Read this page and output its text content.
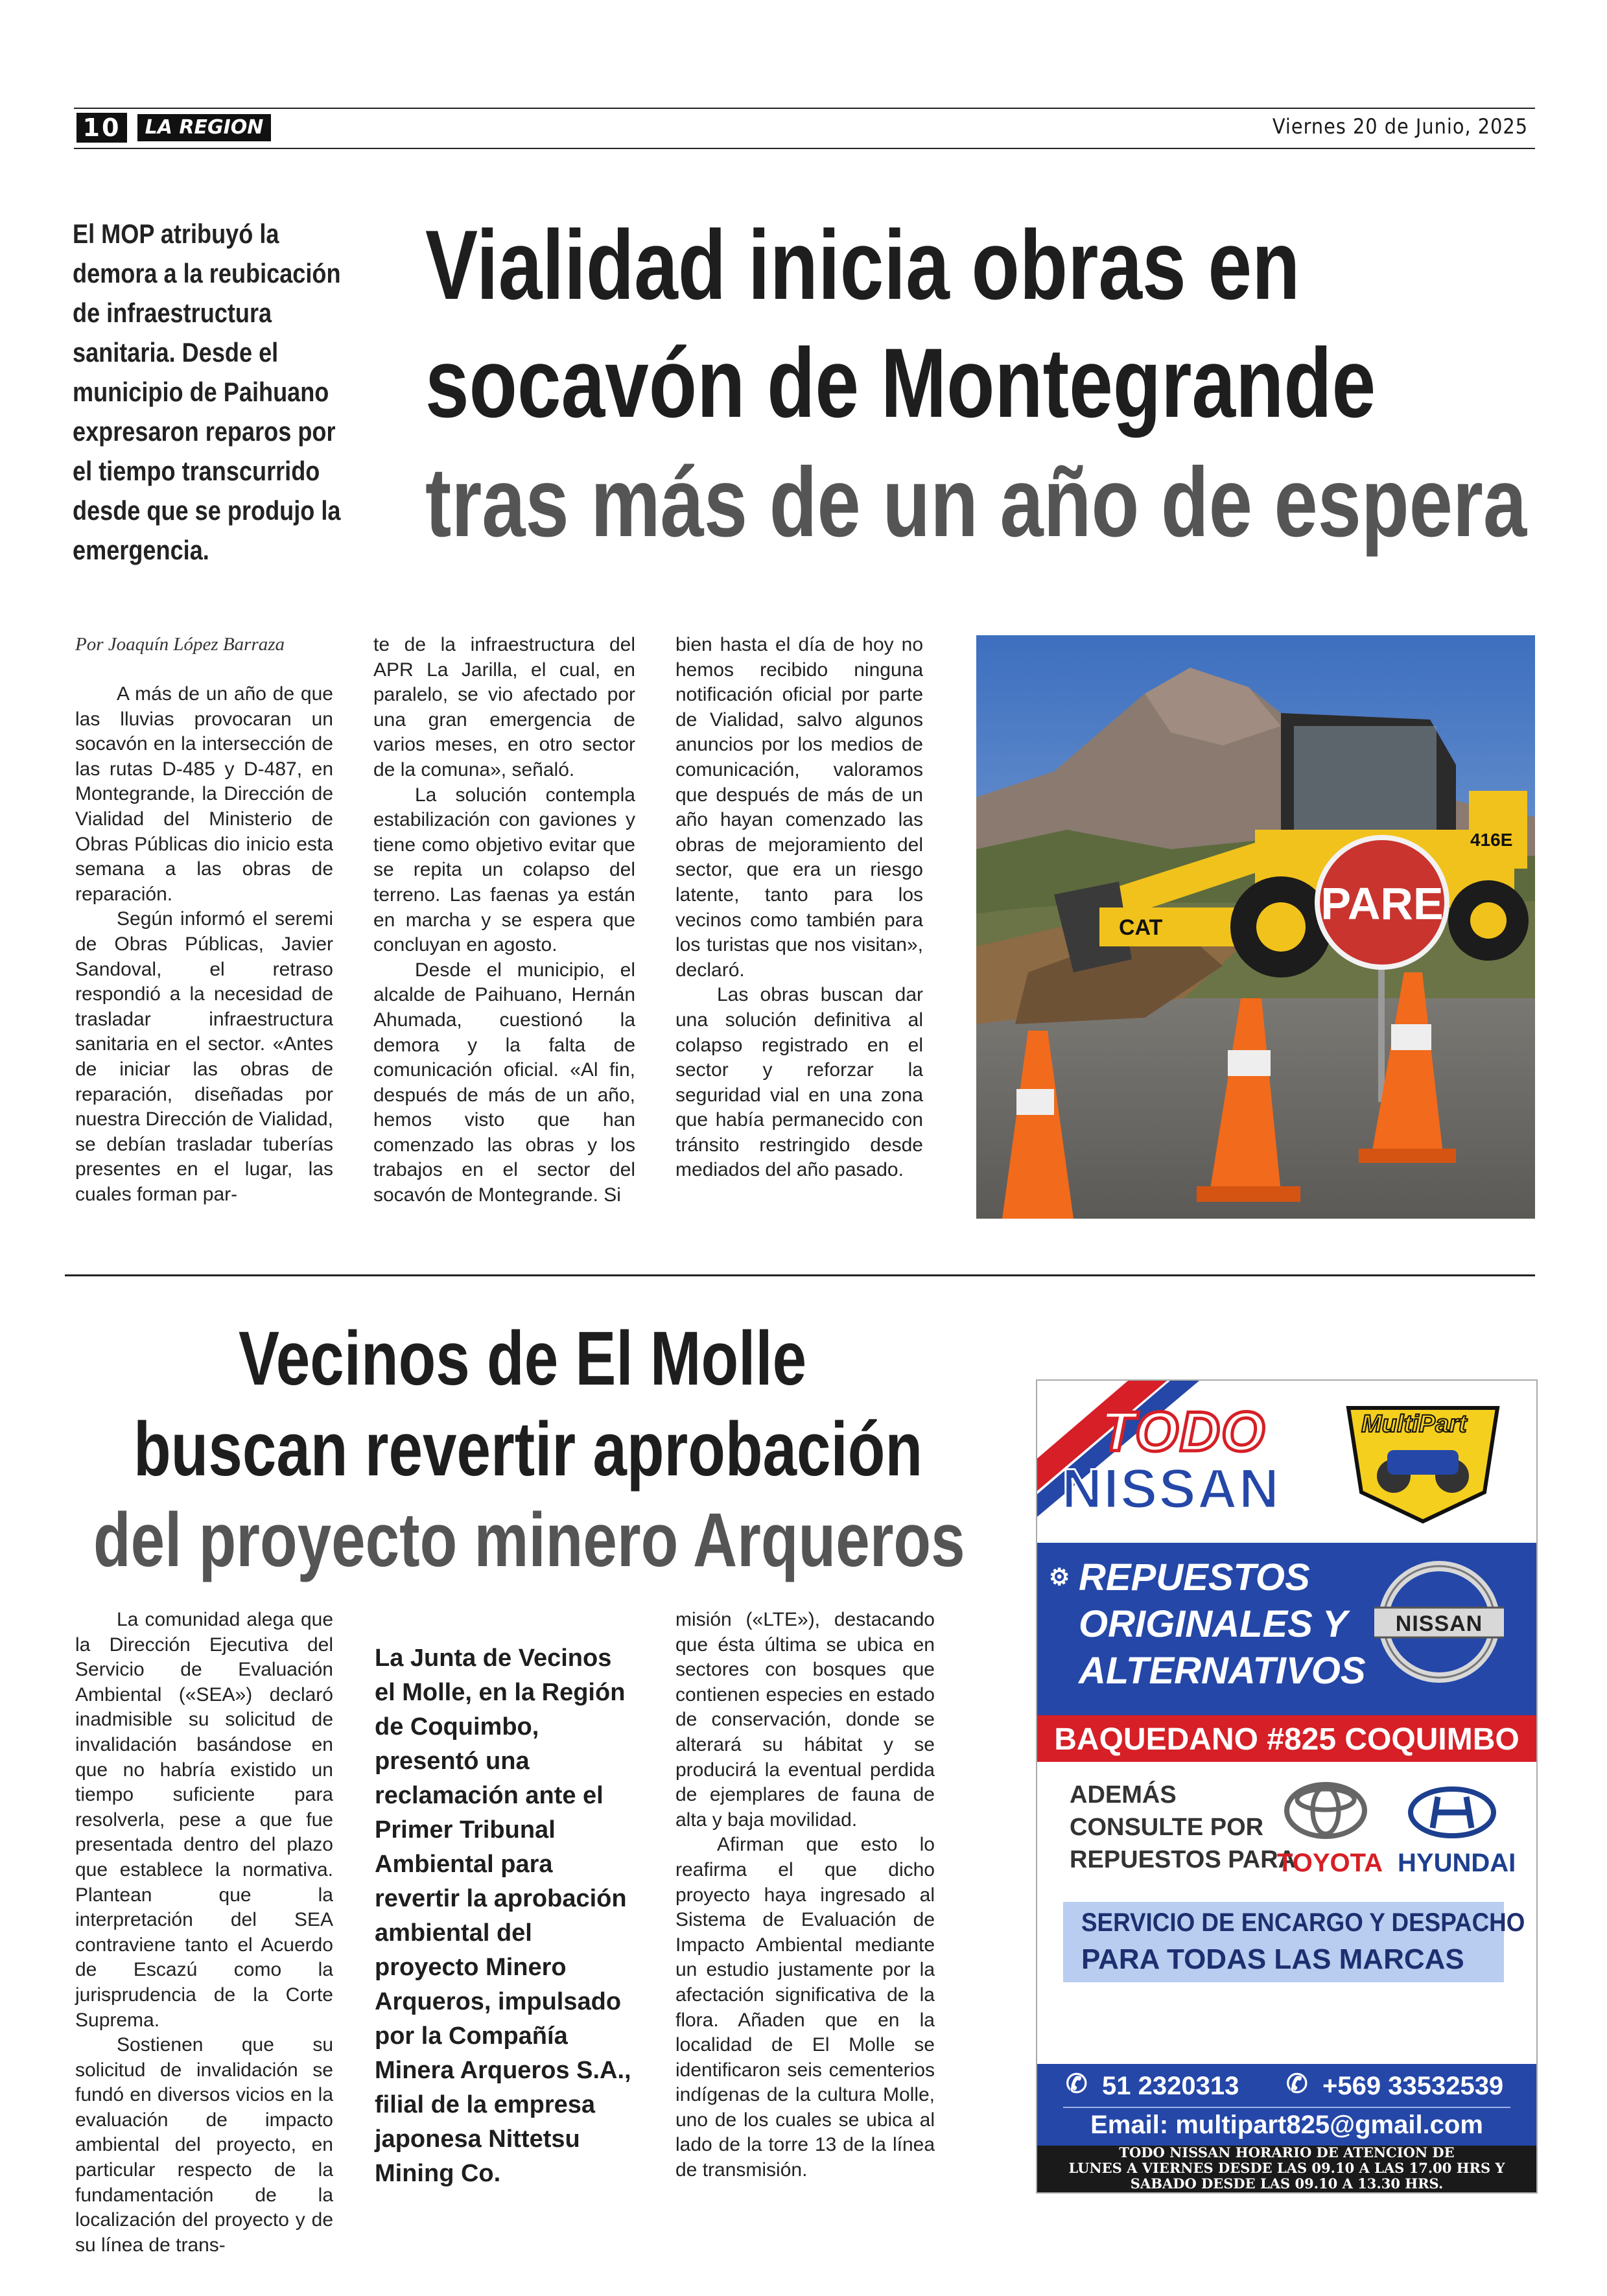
10	LA REGION	Viernes 20 de Junio, 2025
El MOP atribuyó la demora a la reubicación de infraestructura sanitaria. Desde el municipio de Paihuano expresaron reparos por el tiempo transcurrido desde que se produjo la emergencia.
Vialidad inicia obras en
socavón de Montegrande
tras más de un año de espera
Por Joaquín López Barraza

A más de un año de que las lluvias provocaran un socavón en la intersección de las rutas D-485 y D-487, en Montegrande, la Dirección de Vialidad del Ministerio de Obras Públicas dio inicio esta semana a las obras de reparación.

Según informó el seremi de Obras Públicas, Javier Sandoval, el retraso respondió a la necesidad de trasladar infraestructura sanitaria en el sector. «Antes de iniciar las obras de reparación, diseñadas por nuestra Dirección de Vialidad, se debían trasladar tuberías presentes en el lugar, las cuales forman par-

te de la infraestructura del APR La Jarilla, el cual, en paralelo, se vio afectado por una gran emergencia de varios meses, en otro sector de la comuna», señaló.

La solución contempla estabilización con gaviones y tiene como objetivo evitar que se repita un colapso del terreno. Las faenas ya están en marcha y se espera que concluyan en agosto.

Desde el municipio, el alcalde de Paihuano, Hernán Ahumada, cuestionó la demora y la falta de comunicación oficial. «Al fin, después de más de un año, hemos visto que han comenzado las obras y los trabajos en el sector del socavón de Montegrande. Si

bien hasta el día de hoy no hemos recibido ninguna notificación oficial por parte de Vialidad, salvo algunos anuncios por los medios de comunicación, valoramos que después de más de un año hayan comenzado las obras de mejoramiento del sector, que era un riesgo latente, tanto para los vecinos como también para los turistas que nos visitan», declaró.

Las obras buscan dar una solución definitiva al colapso registrado en el sector y reforzar la seguridad vial en una zona que había permanecido con tránsito restringido desde mediados del año pasado.

CAT
416E
PARE
Vecinos de El Molle
buscan revertir aprobación
del proyecto minero Arqueros

La comunidad alega que la Dirección Ejecutiva del Servicio de Evaluación Ambiental («SEA») declaró inadmisible su solicitud de invalidación basándose en que no habría existido un tiempo suficiente para resolverla, pese a que fue presentada dentro del plazo que establece la normativa. Plantean que la interpretación del SEA contraviene tanto el Acuerdo de Escazú como la jurisprudencia de la Corte Suprema.

Sostienen que su solicitud de invalidación se fundó en diversos vicios en la evaluación de impacto ambiental del proyecto, en particular respecto de la fundamentación de la localización del proyecto y de su línea de trans-

La Junta de Vecinos el Molle, en la Región de Coquimbo, presentó una reclamación ante el Primer Tribunal Ambiental para revertir la aprobación ambiental del proyecto Minero Arqueros, impulsado por la Compañía Minera Arqueros S.A., filial de la empresa japonesa Nittetsu Mining Co.

misión («LTE»), destacando que ésta última se ubica en sectores con bosques que contienen especies en estado de conservación, donde se alterará su hábitat y se producirá la eventual perdida de ejemplares de fauna de alta y baja movilidad.

Afirman que esto lo reafirma el que dicho proyecto haya ingresado al Sistema de Evaluación de Impacto Ambiental mediante un estudio justamente por la afectación significativa de la flora. Añaden que en la localidad de El Molle se identificaron seis cementerios indígenas de la cultura Molle, uno de los cuales se ubica al lado de la torre 13 de la línea de transmisión.

TODO
NISSAN
MultiPart
⚙ REPUESTOS
ORIGINALES Y
ALTERNATIVOS
NISSAN
BAQUEDANO #825 COQUIMBO
ADEMÁS
CONSULTE POR
REPUESTOS PARA
TOYOTA HYUNDAI
SERVICIO DE ENCARGO Y DESPACHO
PARA TODAS LAS MARCAS
✆ 51 2320313 ✆ +569 33532539
Email: multipart825@gmail.com
TODO NISSAN HORARIO DE ATENCION DE
LUNES A VIERNES DESDE LAS 09.10 A LAS 17.00 HRS Y
SABADO DESDE LAS 09.10 A 13.30 HRS.
